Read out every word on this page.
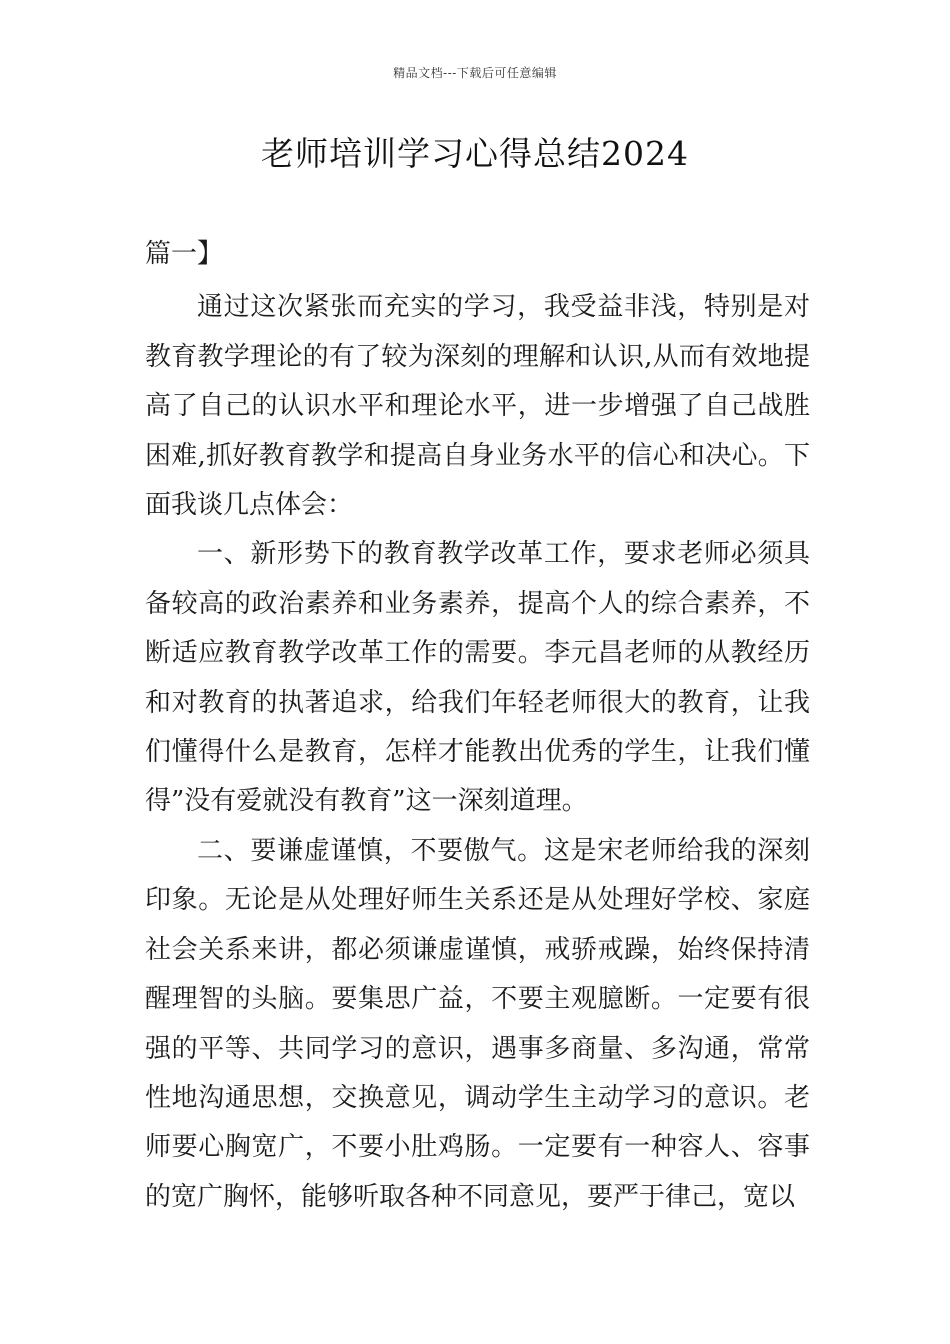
精品文档---下载后可任意编辑
老师培训学习心得总结2024

篇一】

通过这次紧张而充实的学习，我受益非浅，特别是对教育教学理论的有了较为深刻的理解和认识,从而有效地提高了自己的认识水平和理论水平，进一步增强了自己战胜困难,抓好教育教学和提高自身业务水平的信心和决心。下面我谈几点体会：

一、新形势下的教育教学改革工作，要求老师必须具备较高的政治素养和业务素养，提高个人的综合素养，不断适应教育教学改革工作的需要。李元昌老师的从教经历和对教育的执著追求，给我们年轻老师很大的教育，让我们懂得什么是教育，怎样才能教出优秀的学生，让我们懂得”没有爱就没有教育”这一深刻道理。

二、要谦虚谨慎，不要傲气。这是宋老师给我的深刻印象。无论是从处理好师生关系还是从处理好学校、家庭社会关系来讲，都必须谦虚谨慎，戒骄戒躁，始终保持清醒理智的头脑。要集思广益，不要主观臆断。一定要有很强的平等、共同学习的意识，遇事多商量、多沟通，常常性地沟通思想，交换意见，调动学生主动学习的意识。老师要心胸宽广，不要小肚鸡肠。一定要有一种容人、容事的宽广胸怀，能够听取各种不同意见，要严于律己，宽以
